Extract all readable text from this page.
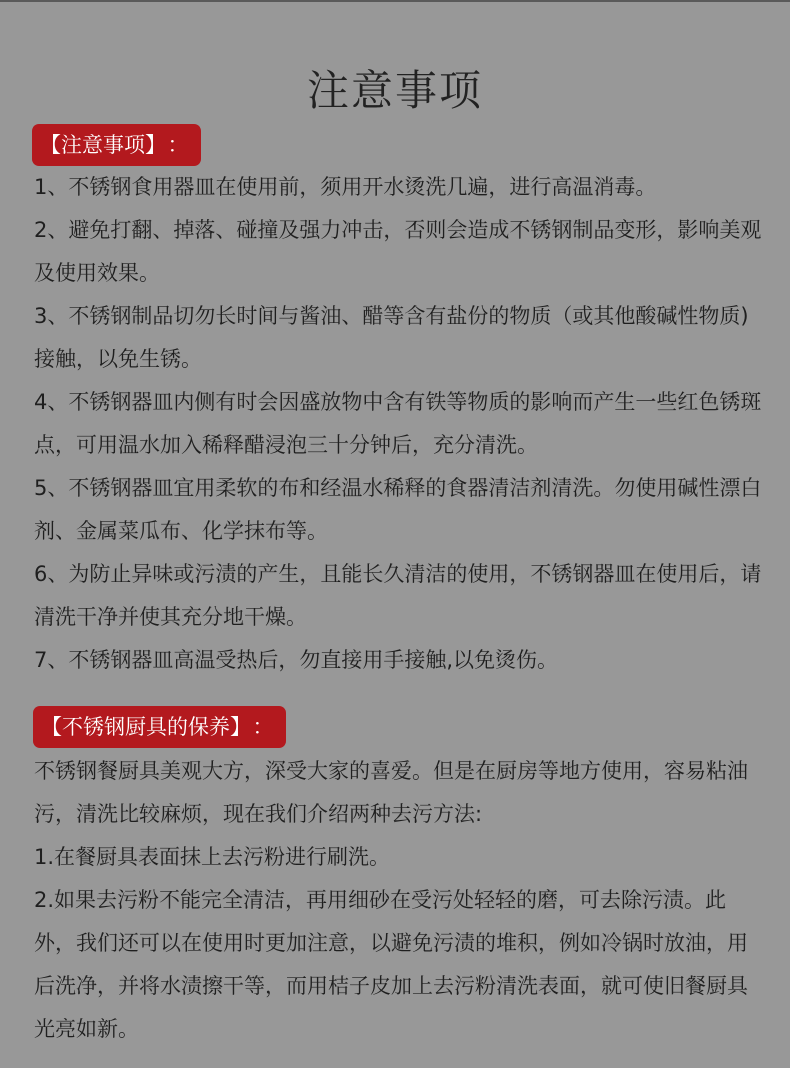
注意事项
【注意事项】 ：
1、不锈钢食用器皿在使用前，须用开水烫洗几遍，进行高温消毒。
2、避免打翻、掉落、碰撞及强力冲击，否则会造成不锈钢制品变形，影响美观及使用效果。
3、不锈钢制品切勿长时间与酱油、醋等含有盐份的物质（或其他酸碱性物质)接触，以免生锈。
4、不锈钢器皿内侧有时会因盛放物中含有铁等物质的影响而产生一些红色锈斑点，可用温水加入稀释醋浸泡三十分钟后，充分清洗。
5、不锈钢器皿宜用柔软的布和经温水稀释的食器清洁剂清洗。勿使用碱性漂白剂、金属菜瓜布、化学抹布等。
6、为防止异味或污渍的产生，且能长久清洁的使用，不锈钢器皿在使用后，请清洗干净并使其充分地干燥。
7、不锈钢器皿高温受热后，勿直接用手接触,以免烫伤。
【不锈钢厨具的保养】 ：

不锈钢餐厨具美观大方，深受大家的喜爱。但是在厨房等地方使用，容易粘油污，清洗比较麻烦，现在我们介绍两种去污方法:

1.在餐厨具表面抹上去污粉进行刷洗。

2.如果去污粉不能完全清洁，再用细砂在受污处轻轻的磨，可去除污渍。此外，我们还可以在使用时更加注意，以避免污渍的堆积，例如冷锅时放油，用后洗净，并将水渍擦干等，而用桔子皮加上去污粉清洗表面，就可使旧餐厨具光亮如新。
